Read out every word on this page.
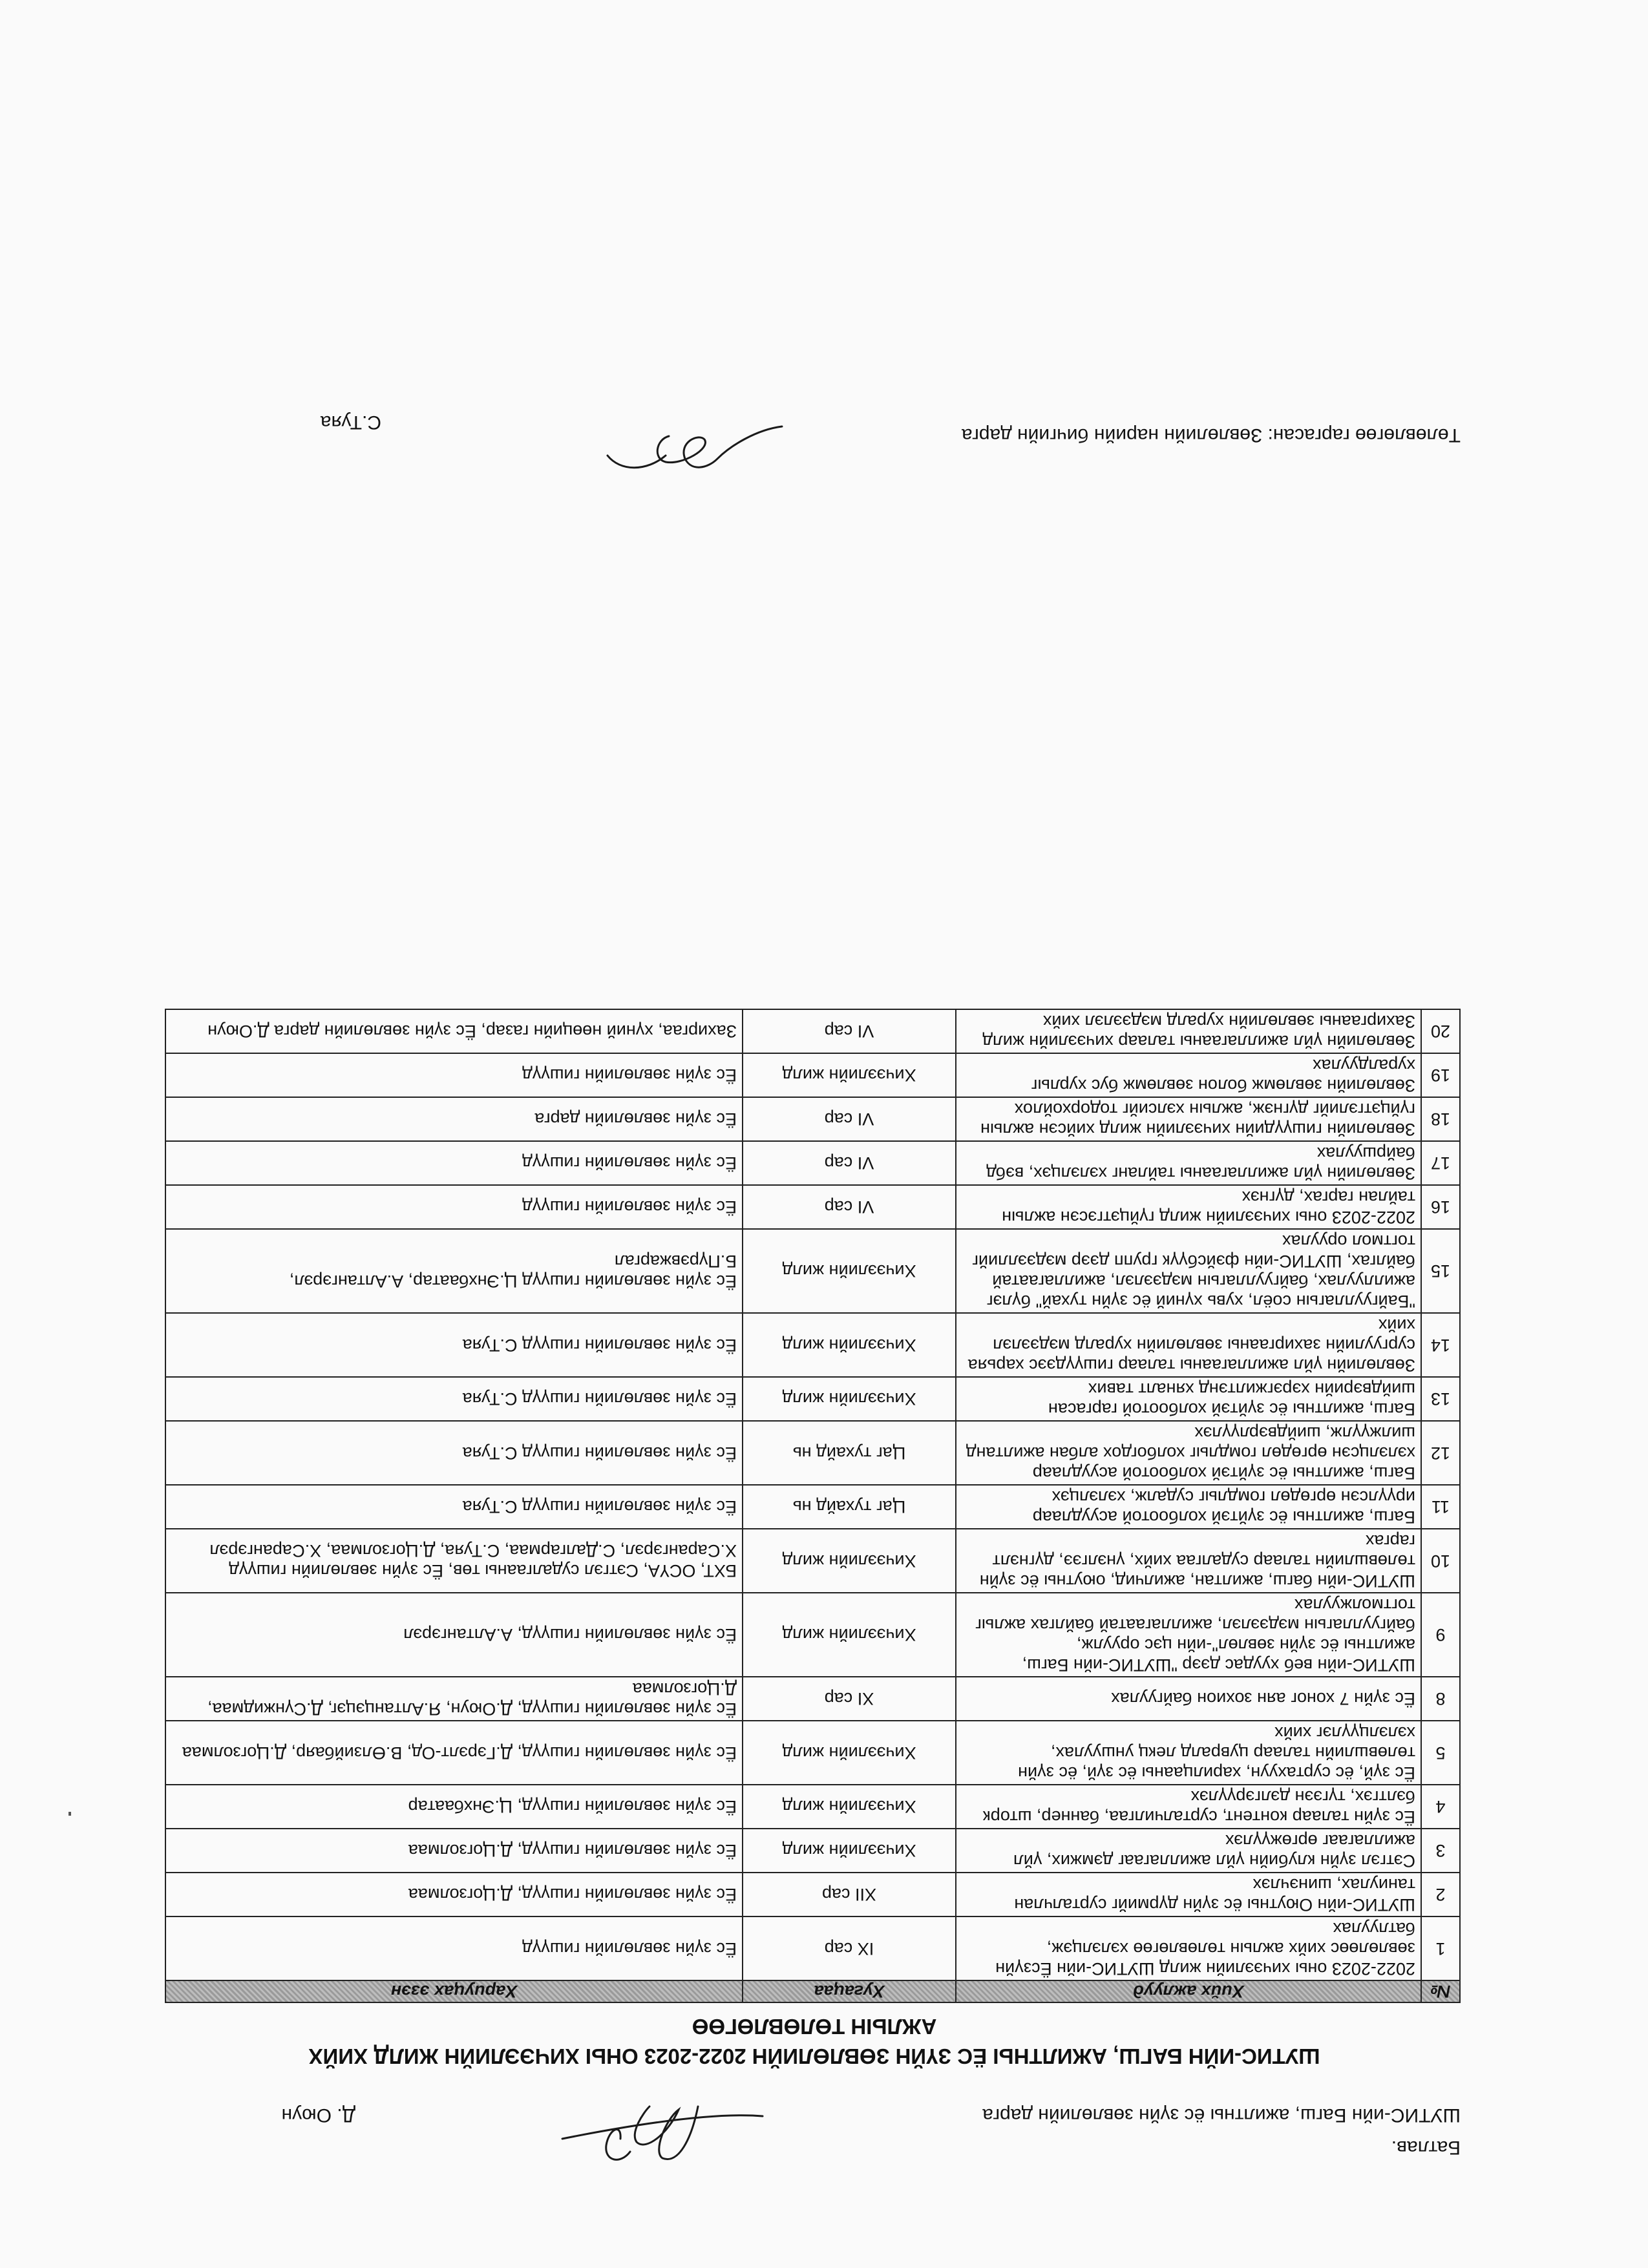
Батлав.
ШУТИС-ийн Багш, ажилтны ёс зүйн зөвлөлийн дарга
Д. Оюун
ШУТИС-ИЙН БАГШ, АЖИЛТНЫ ЁС ЗҮЙН ЗӨВЛӨЛИЙН 2022-2023 ОНЫ ХИЧЭЭЛИЙН ЖИЛД ХИЙХ
АЖЛЫН ТӨЛӨВЛӨГӨӨ
№	Хийх ажлууд	Хугацаа	Хариуцах эзэн
1	2022-2023 оны хичээлийн жилд ШУТИС-ийн Ёсзүйн зөвлөлөөс хийх ажлын төлөвлөгөө хэлэлцэж, батлуулах	IX сар	Ёс зүйн зөвлөлийн гишүүд
2	ШУТИС-ийн Оюутны ёс зүйн дүрмийг сурталчлан таниулах, шинэчлэх	XII сар	Ёс зүйн зөвлөлийн гишүүд, Д.Цогзолмаа
3	Сэтгэл зүйн клубийн үйл ажиллагааг дэмжих, үйл ажиллагааг өргөжүүлэх	Хичээлийн жилд	Ёс зүйн зөвлөлийн гишүүд, Д.Цогзолмаа
4	Ёс зүйн талаар контент, сурталчилгаа, баннер, шторк бэлтгэх, түгээн дэлгэрүүлэх	Хичээлийн жилд	Ёс зүйн зөвлөлийн гишүүд, Ц.Энхбаатар
5	Ёс зүй, ёс суртахуун, харилцааны ёс зүй, ёс зүйн төлөвшлийн талаар цувралд лекц уншуулах, хэлэлцүүлэг хийх	Хичээлийн жилд	Ёс зүйн зөвлөлийн гишүүд, Д.Гэрэлт-Од, В.Өлзийбаяр, Д.Цогзолмаа
8	Ёс зүйн 7 хоног аян зохион байгуулах	XI сар	Ёс зүйн зөвлөлийн гишүүд, Д.Оюун, Я.Алтанцэцэг, Д.Сүнжидмаа, Д.Цогзолмаа
9	ШУТИС-ийн веб хуудас дээр "ШУТИС-ийн Багш, ажилтны ёс зүйн зөвлөл"-ийн цэс оруулж, байгууллагын мэдээлэл, ажиллагаатай байлгах ажлыг тогтмолжуулах	Хичээлийн жилд	Ёс зүйн зөвлөлийн гишүүд, А.Алтангэрэл
10	ШУТИС-ийн багш, ажилтан, ажилчид, оюутны ёс зүйн төлөвшлийн талаар судалгаа хийх, үнэлгээ, дүгнэлт гаргах	Хичээлийн жилд	БХТ, ОСҮА, Сэтгэл судалгааны төв, Ёс зүйн зөвлөлийн гишүүд Х.Сарангэрэл, С.Далгармаа, С.Туяа, Д.Цогзолмаа, Х.Сарангэрэл
11	Багш, ажилтны ёс зүйтэй холбоотой асуудлаар ирүүлсэн өргөдөл гомдлыг судалж, хэлэлцэх	Цаг тухайд нь	Ёс зүйн зөвлөлийн гишүүд С.Туяа
12	Багш, ажилтны ёс зүйтэй холбоотой асуудлаар хэлэлцсэн өргөдөл гомдлыг холбогдох албан ажилтанд шилжүүлж, шийдвэрлүүлэх	Цаг тухайд нь	Ёс зүйн зөвлөлийн гишүүд С.Туяа
13	Багш, ажилтны ёс зүйтэй холбоотой гаргасан шийдвэрийн хэрэгжилтэнд хяналт тавих	Хичээлийн жилд	Ёс зүйн зөвлөлийн гишүүд С.Туяа
14	Зөвлөлийн үйл ажиллагааны талаар гишүүдээс харьяа сургуулийн захиргааны зөвлөлийн хуралд мэдээлэл хийх	Хичээлийн жилд	Ёс зүйн зөвлөлийн гишүүд С.Туяа
15	"Байгууллагын соёл, хувь хүний ёс зүйн тухай" бүлэг ажиллуулах, байгууллагын мэдээлэл, ажиллагаатай байлгах, ШУТИС-ийн фэйсбүүк групп дээр мэдээллийг тогтмол оруулах	Хичээлийн жилд	Ёс зүйн зөвлөлийн гишүүд Ц.Энхбаатар, А.Алтангэрэл, Б.Пүрэвжаргал
16	2022-2023 оны хичээлийн жилд гүйцэтгэсэн ажлын тайлан гаргах, дүгнэх	VI сар	Ёс зүйн зөвлөлийн гишүүд
17	Зөвлөлийн үйл ажиллагааны тайланг хэлэлцэх, вэбд байршуулах	VI сар	Ёс зүйн зөвлөлийн гишүүд
18	Зөвлөлийн гишүүдийн хичээлийн жилд хийсэн ажлын гүйцэтгэлийг дүгнэж, ажлын хэлсийг тодорхойлох	VI сар	Ёс зүйн зөвлөлийн дарга
19	Зөвлөлийн зөвлөмж болон зөвлөмж бус хурлыг хуралдуулах	Хичээлийн жилд	Ёс зүйн зөвлөлийн гишүүд
20	Зөвлөлийн үйл ажиллагааны талаар хичээлийн жилд Захиргааны зөвлөлийн хуралд мэдээлэл хийх	VI сар	Захиргаа, хүний нөөцийн газар, Ёс зүйн зөвлөлийн дарга Д.Оюун
Төлөвлөгөө гаргасан: Зөвлөлийн нарийн бичгийн дарга
С.Туяа
